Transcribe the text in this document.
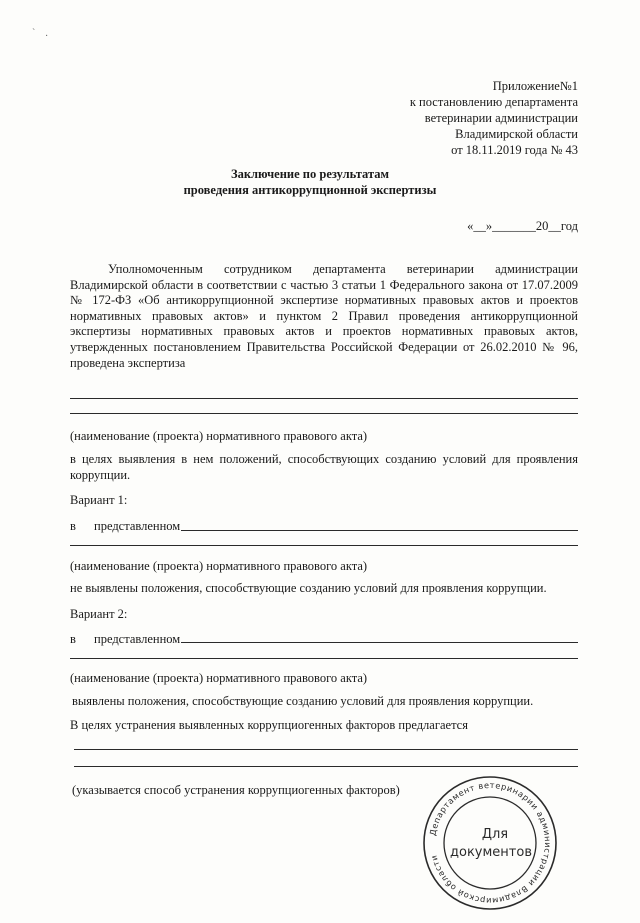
`    .
Приложение№1
к постановлению департамента
ветеринарии администрации
Владимирской области
от 18.11.2019 года № 43
Заключение по результатам
проведения антикоррупционной экспертизы
«__»_______20__год
Уполномоченным сотрудником департамента ветеринарии администрации Владимирской области в соответствии с частью 3 статьи 1 Федерального закона от 17.07.2009 № 172-ФЗ «Об антикоррупционной экспертизе нормативных правовых актов и проектов нормативных правовых актов» и пунктом 2 Правил проведения антикоррупционной экспертизы нормативных правовых актов и проектов нормативных правовых актов, утвержденных постановлением Правительства Российской Федерации от 26.02.2010 № 96, проведена экспертиза
(наименование (проекта) нормативного правового акта)
в целях выявления в нем положений, способствующих созданию условий для проявления коррупции.
Вариант 1:
в представленном
(наименование (проекта) нормативного правового акта)
не выявлены положения, способствующие созданию условий для проявления коррупции.
Вариант 2:
в представленном
(наименование (проекта) нормативного правового акта)
выявлены положения, способствующие созданию условий для проявления коррупции.
В целях устранения выявленных коррупциогенных факторов предлагается
(указывается способ устранения коррупциогенных факторов)
Департамент ветеринарии администрации Владимирской области
Для
документов
